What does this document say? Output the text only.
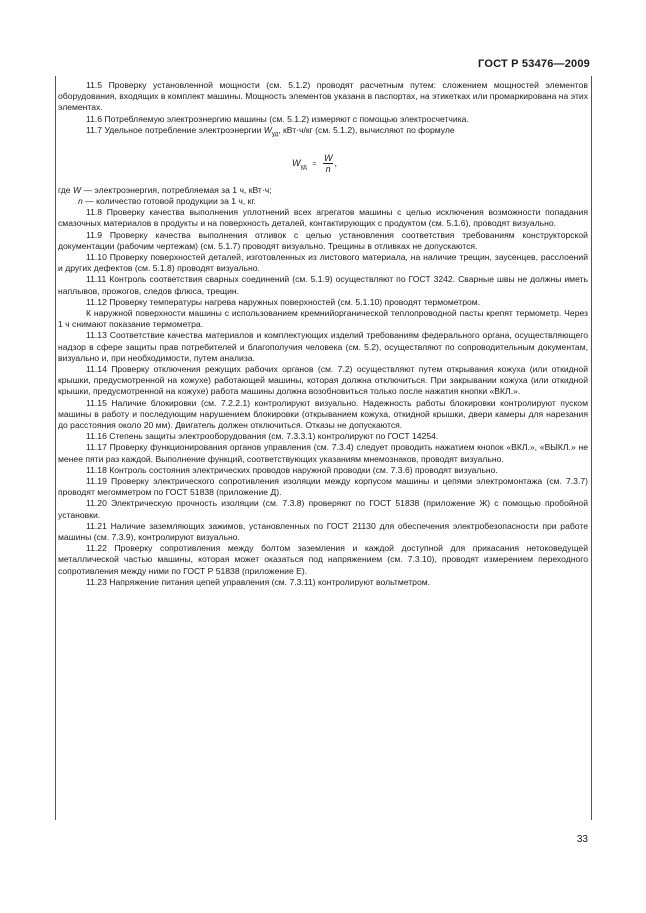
ГОСТ Р 53476—2009

11.5 Проверку установленной мощности (см. 5.1.2) проводят расчетным путем: сложением мощностей элементов оборудования, входящих в комплект машины. Мощность элементов указана в паспортах, на этикетках или промаркирована на этих элементах.

11.6 Потребляемую электроэнергию машины (см. 5.1.2) измеряют с помощью электросчетчика.

11.7 Удельное потребление электроэнергии $W_{уд}$, кВт·ч/кг (см. 5.1.2), вычисляют по формуле

$W_{уд} = \frac{W}{n}$ ,

где W — электроэнергия, потребляемая за 1 ч, кВт·ч;

n — количество готовой продукции за 1 ч, кг.

11.8 Проверку качества выполнения уплотнений всех агрегатов машины с целью исключения возможности попадания смазочных материалов в продукты и на поверхность деталей, контактирующих с продуктом (см. 5.1.6), проводят визуально.

11.9 Проверку качества выполнения отливок с целью установления соответствия требованиям конструкторской документации (рабочим чертежам) (см. 5.1.7) проводят визуально. Трещины в отливках не допускаются.

11.10 Проверку поверхностей деталей, изготовленных из листового материала, на наличие трещин, заусенцев, расслоений и других дефектов (см. 5.1.8) проводят визуально.

11.11 Контроль соответствия сварных соединений (см. 5.1.9) осуществляют по ГОСТ 3242. Сварные швы не должны иметь наплывов, прожогов, следов флюса, трещин.

11.12 Проверку температуры нагрева наружных поверхностей (см. 5.1.10) проводят термометром.

К наружной поверхности машины с использованием кремнийорганической теплопроводной пасты крепят термометр. Через 1 ч снимают показание термометра.

11.13 Соответствие качества материалов и комплектующих изделий требованиям федерального органа, осуществляющего надзор в сфере защиты прав потребителей и благополучия человека (см. 5.2), осуществляют по сопроводительным документам, визуально и, при необходимости, путем анализа.

11.14 Проверку отключения режущих рабочих органов (см. 7.2) осуществляют путем открывания кожуха (или откидной крышки, предусмотренной на кожухе) работающей машины, которая должна отключиться. При закрывании кожуха (или откидной крышки, предусмотренной на кожухе) работа машины должна возобновиться только после нажатия кнопки «ВКЛ.».

11.15 Наличие блокировки (см. 7.2.2.1) контролируют визуально. Надежность работы блокировки контролируют пуском машины в работу и последующим нарушением блокировки (открыванием кожуха, откидной крышки, двери камеры для нарезания до расстояния около 20 мм). Двигатель должен отключиться. Отказы не допускаются.

11.16 Степень защиты электрооборудования (см. 7.3.3.1) контролируют по ГОСТ 14254.

11.17 Проверку функционирования органов управления (см. 7.3.4) следует проводить нажатием кнопок «ВКЛ.», «ВЫКЛ.» не менее пяти раз каждой. Выполнение функций, соответствующих указаниям мнемознаков, проводят визуально.

11.18 Контроль состояния электрических проводов наружной проводки (см. 7.3.6) проводят визуально.

11.19 Проверку электрического сопротивления изоляции между корпусом машины и цепями электромонтажа (см. 7.3.7) проводят мегомметром по ГОСТ 51838 (приложение Д).

11.20 Электрическую прочность изоляции (см. 7.3.8) проверяют по ГОСТ 51838 (приложение Ж) с помощью пробойной установки.

11.21 Наличие заземляющих зажимов, установленных по ГОСТ 21130 для обеспечения электробезопасности при работе машины (см. 7.3.9), контролируют визуально.

11.22 Проверку сопротивления между болтом заземления и каждой доступной для прикасания нетоковедущей металлической частью машины, которая может оказаться под напряжением (см. 7.3.10), проводят измерением переходного сопротивления между ними по ГОСТ Р 51838 (приложение Е).

11.23 Напряжение питания цепей управления (см. 7.3.11) контролируют вольтметром.

33
